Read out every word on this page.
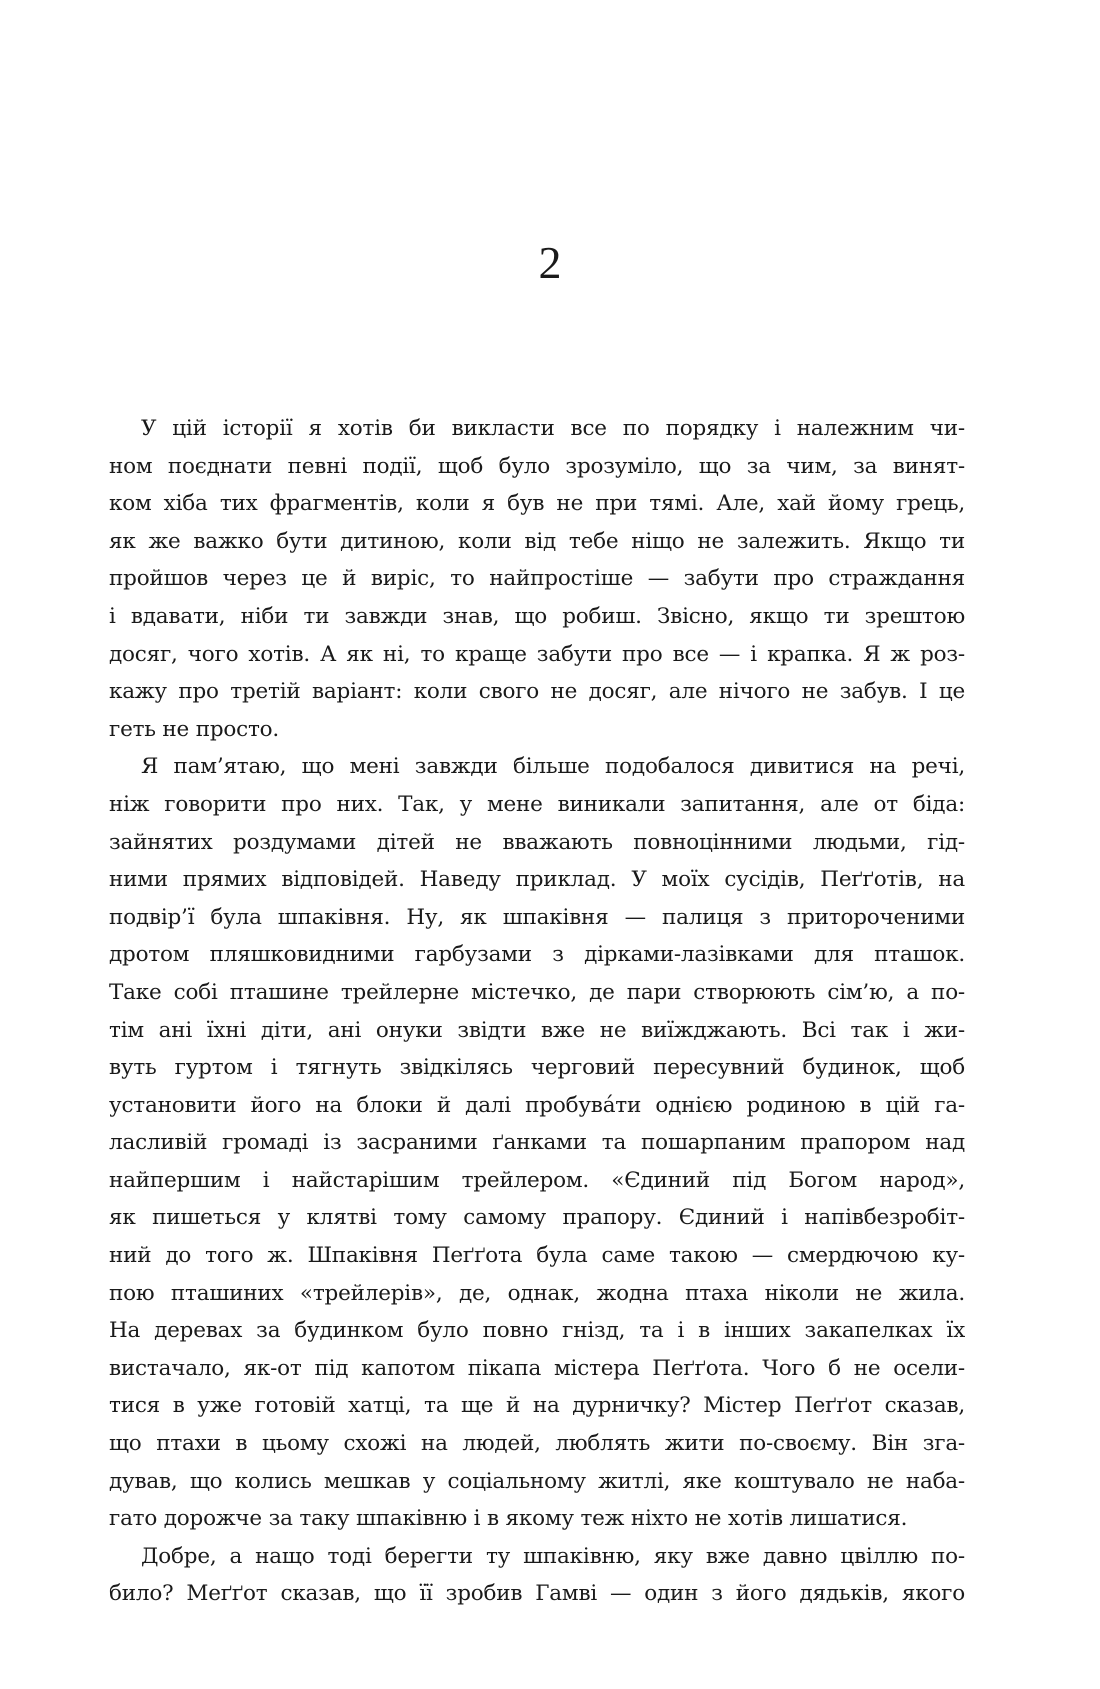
2

У цій історії я хотів би викласти все по порядку і належним чи-
ном поєднати певні події, щоб було зрозуміло, що за чим, за винят-
ком хіба тих фрагментів, коли я був не при тямі. Але, хай йому грець,
як же важко бути дитиною, коли від тебе ніщо не залежить. Якщо ти
пройшов через це й виріс, то найпростіше — забути про страждання
і вдавати, ніби ти завжди знав, що робиш. Звісно, якщо ти зрештою
досяг, чого хотів. А як ні, то краще забути про все — і крапка. Я ж роз-
кажу про третій варіант: коли свого не досяг, але нічого не забув. І це
геть не просто.

Я пам’ятаю, що мені завжди більше подобалося дивитися на речі,
ніж говорити про них. Так, у мене виникали запитання, але от біда:
зайнятих роздумами дітей не вважають повноцінними людьми, гід-
ними прямих відповідей. Наведу приклад. У моїх сусідів, Пеґґотів, на
подвір’ї була шпаківня. Ну, як шпаківня — палиця з притороченими
дротом пляшковидними гарбузами з дірками-лазівками для пташок.
Таке собі пташине трейлерне містечко, де пари створюють сім’ю, а по-
тім ані їхні діти, ані онуки звідти вже не виїжджають. Всі так і жи-
вуть гуртом і тягнуть звідкілясь черговий пересувний будинок, щоб
установити його на блоки й далі пробува́ти однією родиною в цій га-
ласливій громаді із засраними ґанками та пошарпаним прапором над
найпершим і найстарішим трейлером. «Єдиний під Богом народ»,
як пишеться у клятві тому самому прапору. Єдиний і напівбезробіт-
ний до того ж. Шпаківня Пеґґота була саме такою — смердючою ку-
пою пташиних «трейлерів», де, однак, жодна птаха ніколи не жила.
На деревах за будинком було повно гнізд, та і в інших закапелках їх
вистачало, як-от під капотом пікапа містера Пеґґота. Чого б не осели-
тися в уже готовій хатці, та ще й на дурничку? Містер Пеґґот сказав,
що птахи в цьому схожі на людей, люблять жити по-своєму. Він зга-
дував, що колись мешкав у соціальному житлі, яке коштувало не наба-
гато дорожче за таку шпаківню і в якому теж ніхто не хотів лишатися.

Добре, а нащо тоді берегти ту шпаківню, яку вже давно цвіллю по-
било? Меґґот сказав, що її зробив Гамві — один з його дядьків, якого
